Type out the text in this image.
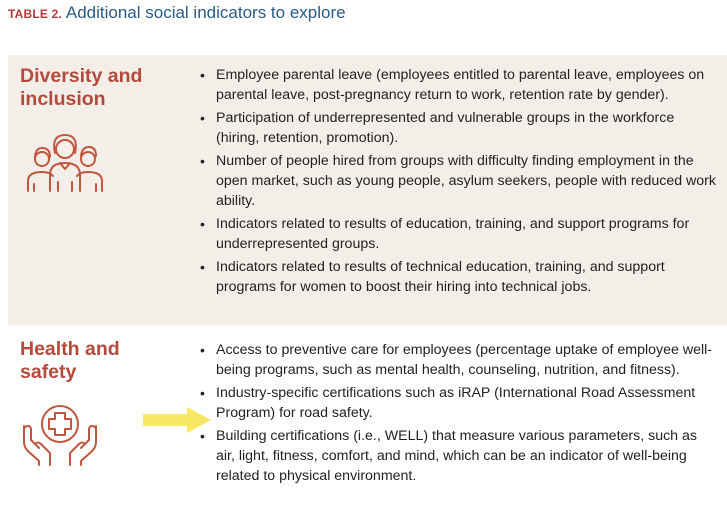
TABLE 2. Additional social indicators to explore
Diversity and inclusion
• Employee parental leave (employees entitled to parental leave, employees on parental leave, post-pregnancy return to work, retention rate by gender).
• Participation of underrepresented and vulnerable groups in the workforce (hiring, retention, promotion).
• Number of people hired from groups with difficulty finding employment in the open market, such as young people, asylum seekers, people with reduced work ability.
• Indicators related to results of education, training, and support programs for underrepresented groups.
• Indicators related to results of technical education, training, and support programs for women to boost their hiring into technical jobs.
Health and safety
• Access to preventive care for employees (percentage uptake of employee well-being programs, such as mental health, counseling, nutrition, and fitness).
• Industry-specific certifications such as iRAP (International Road Assessment Program) for road safety.
• Building certifications (i.e., WELL) that measure various parameters, such as air, light, fitness, comfort, and mind, which can be an indicator of well-being related to physical environment.
